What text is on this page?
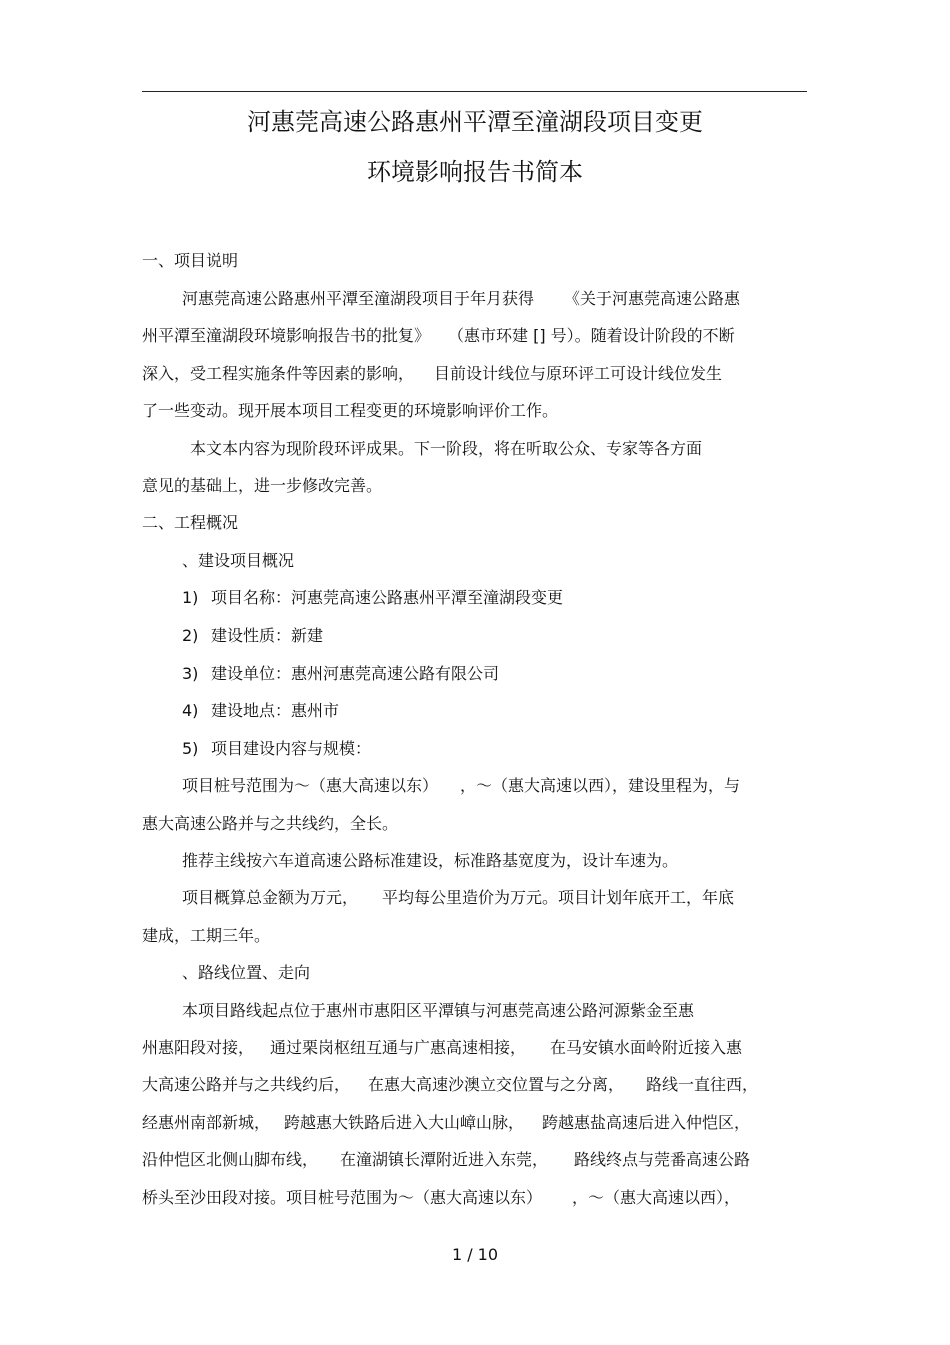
河惠莞高速公路惠州平潭至潼湖段项目变更
环境影响报告书简本
一、项目说明
河惠莞高速公路惠州平潭至潼湖段项目于年月获得 《关于河惠莞高速公路惠
州平潭至潼湖段环境影响报告书的批复》 （惠市环建 [] 号）。随着设计阶段的不断
深入，受工程实施条件等因素的影响， 目前设计线位与原环评工可设计线位发生
了一些变动。现开展本项目工程变更的环境影响评价工作。
本文本内容为现阶段环评成果。下一阶段，将在听取公众、专家等各方面
意见的基础上，进一步修改完善。
二、工程概况
、建设项目概况
1) 项目名称：河惠莞高速公路惠州平潭至潼湖段变更
2) 建设性质：新建
3) 建设单位：惠州河惠莞高速公路有限公司
4) 建设地点：惠州市
5) 项目建设内容与规模：
项目桩号范围为～（惠大高速以东） ，～（惠大高速以西），建设里程为，与
惠大高速公路并与之共线约，全长。
推荐主线按六车道高速公路标准建设，标准路基宽度为，设计车速为。
项目概算总金额为万元， 平均每公里造价为万元。项目计划年底开工，年底
建成，工期三年。
、路线位置、走向
本项目路线起点位于惠州市惠阳区平潭镇与河惠莞高速公路河源紫金至惠
州惠阳段对接， 通过栗岗枢纽互通与广惠高速相接， 在马安镇水面岭附近接入惠
大高速公路并与之共线约后， 在惠大高速沙澳立交位置与之分离， 路线一直往西，
经惠州南部新城， 跨越惠大铁路后进入大山嶂山脉， 跨越惠盐高速后进入仲恺区，
沿仲恺区北侧山脚布线， 在潼湖镇长潭附近进入东莞， 路线终点与莞番高速公路
桥头至沙田段对接。项目桩号范围为～（惠大高速以东） ，～（惠大高速以西），
1 / 10
